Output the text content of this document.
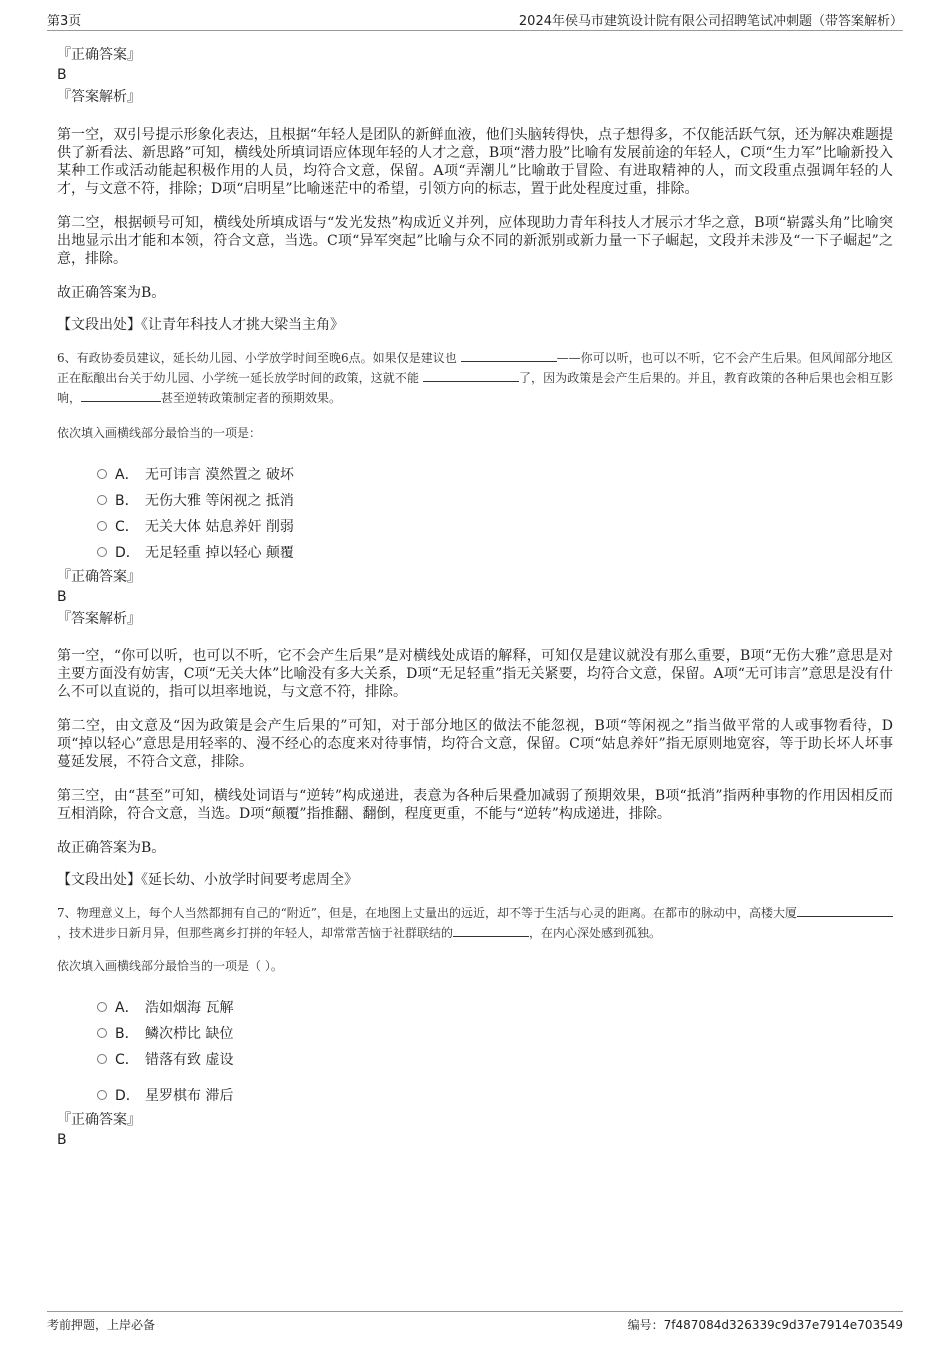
第3页	2024年侯马市建筑设计院有限公司招聘笔试冲刺题（带答案解析）
『正确答案』
B
『答案解析』

第一空，双引号提示形象化表达，且根据“年轻人是团队的新鲜血液，他们头脑转得快，点子想得多，不仅能活跃气氛，还为解决难题提供了新看法、新思路”可知，横线处所填词语应体现年轻的人才之意，B项“潜力股”比喻有发展前途的年轻人，C项“生力军”比喻新投入某种工作或活动能起积极作用的人员，均符合文意，保留。A项“弄潮儿”比喻敢于冒险、有进取精神的人，而文段重点强调年轻的人才，与文意不符，排除；D项“启明星”比喻迷茫中的希望，引领方向的标志，置于此处程度过重，排除。

第二空，根据顿号可知，横线处所填成语与“发光发热”构成近义并列，应体现助力青年科技人才展示才华之意，B项“崭露头角”比喻突出地显示出才能和本领，符合文意，当选。C项“异军突起”比喻与众不同的新派别或新力量一下子崛起，文段并未涉及“一下子崛起”之意，排除。

故正确答案为B。

【文段出处】《让青年科技人才挑大梁当主角》

6、有政协委员建议，延长幼儿园、小学放学时间至晚6点。如果仅是建议也	——你可以听，也可以不听，它不会产生后果。但风闻部分地区正在酝酿出台关于幼儿园、小学统一延长放学时间的政策，这就不能	了，因为政策是会产生后果的。并且，教育政策的各种后果也会相互影响，	甚至逆转政策制定者的预期效果。

依次填入画横线部分最恰当的一项是：

A． 无可讳言 漠然置之 破坏
B． 无伤大雅 等闲视之 抵消
C． 无关大体 姑息养奸 削弱
D． 无足轻重 掉以轻心 颠覆
『正确答案』
B
『答案解析』

第一空，“你可以听，也可以不听，它不会产生后果”是对横线处成语的解释，可知仅是建议就没有那么重要，B项“无伤大雅”意思是对主要方面没有妨害，C项“无关大体”比喻没有多大关系，D项“无足轻重”指无关紧要，均符合文意，保留。A项“无可讳言”意思是没有什么不可以直说的，指可以坦率地说，与文意不符，排除。

第二空，由文意及“因为政策是会产生后果的”可知，对于部分地区的做法不能忽视，B项“等闲视之”指当做平常的人或事物看待，D项“掉以轻心”意思是用轻率的、漫不经心的态度来对待事情，均符合文意，保留。C项“姑息养奸”指无原则地宽容，等于助长坏人坏事蔓延发展，不符合文意，排除。

第三空，由“甚至”可知，横线处词语与“逆转”构成递进，表意为各种后果叠加减弱了预期效果，B项“抵消”指两种事物的作用因相反而互相消除，符合文意，当选。D项“颠覆”指推翻、翻倒，程度更重，不能与“逆转”构成递进，排除。

故正确答案为B。

【文段出处】《延长幼、小放学时间要考虑周全》

7、物理意义上，每个人当然都拥有自己的“附近”，但是，在地图上丈量出的远近，却不等于生活与心灵的距离。在都市的脉动中，高楼大厦，技术进步日新月异，但那些离乡打拼的年轻人，却常常苦恼于社群联结的	，在内心深处感到孤独。

依次填入画横线部分最恰当的一项是（ ）。

A． 浩如烟海 瓦解
B． 鳞次栉比 缺位
C． 错落有致 虚设
D． 星罗棋布 滞后
『正确答案』
B
考前押题，上岸必备	编号：7f487084d326339c9d37e7914e703549
